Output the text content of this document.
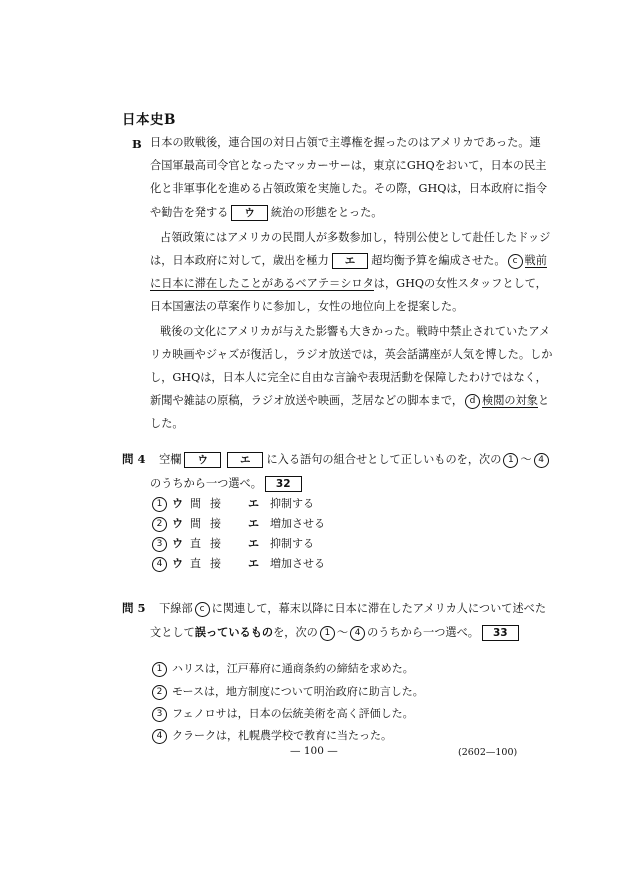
日本史B
B 日本の敗戦後，連合国の対日占領で主導権を握ったのはアメリカであった。連
合国軍最高司令官となったマッカーサーは，東京にGHQをおいて，日本の民主
化と非軍事化を進める占領政策を実施した。その際，GHQは，日本政府に指令
や勧告を発する ウ 統治の形態をとった。
占領政策にはアメリカの民間人が多数参加し，特別公使として赴任したドッジ
は，日本政府に対して，歳出を極力 エ 超均衡予算を編成させた。 c 戦前
に日本に滞在したことがあるベアテ＝シロタは，GHQの女性スタッフとして，
日本国憲法の草案作りに参加し，女性の地位向上を提案した。
戦後の文化にアメリカが与えた影響も大きかった。戦時中禁止されていたアメ
リカ映画やジャズが復活し，ラジオ放送では，英会話講座が人気を博した。しか
し，GHQは，日本人に完全に自由な言論や表現活動を保障したわけではなく，
新聞や雑誌の原稿，ラジオ放送や映画，芝居などの脚本まで， d 検閲の対象と
した。
問 4 空欄 ウ	エ に入る語句の組合せとして正しいものを，次の 1 〜 4
のうちから一つ選べ。 32
1 ウ 間接 エ 抑制する
2 ウ 間接 エ 増加させる
3 ウ 直接 エ 抑制する
4 ウ 直接 エ 増加させる
問 5 下線部 c に関連して，幕末以降に日本に滞在したアメリカ人について述べた
文として誤っているものを，次の 1 〜 4 のうちから一つ選べ。 33
1 ハリスは，江戸幕府に通商条約の締結を求めた。
2 モースは，地方制度について明治政府に助言した。
3 フェノロサは，日本の伝統美術を高く評価した。
4 クラークは，札幌農学校で教育に当たった。
— 100 —	(2602—100)
